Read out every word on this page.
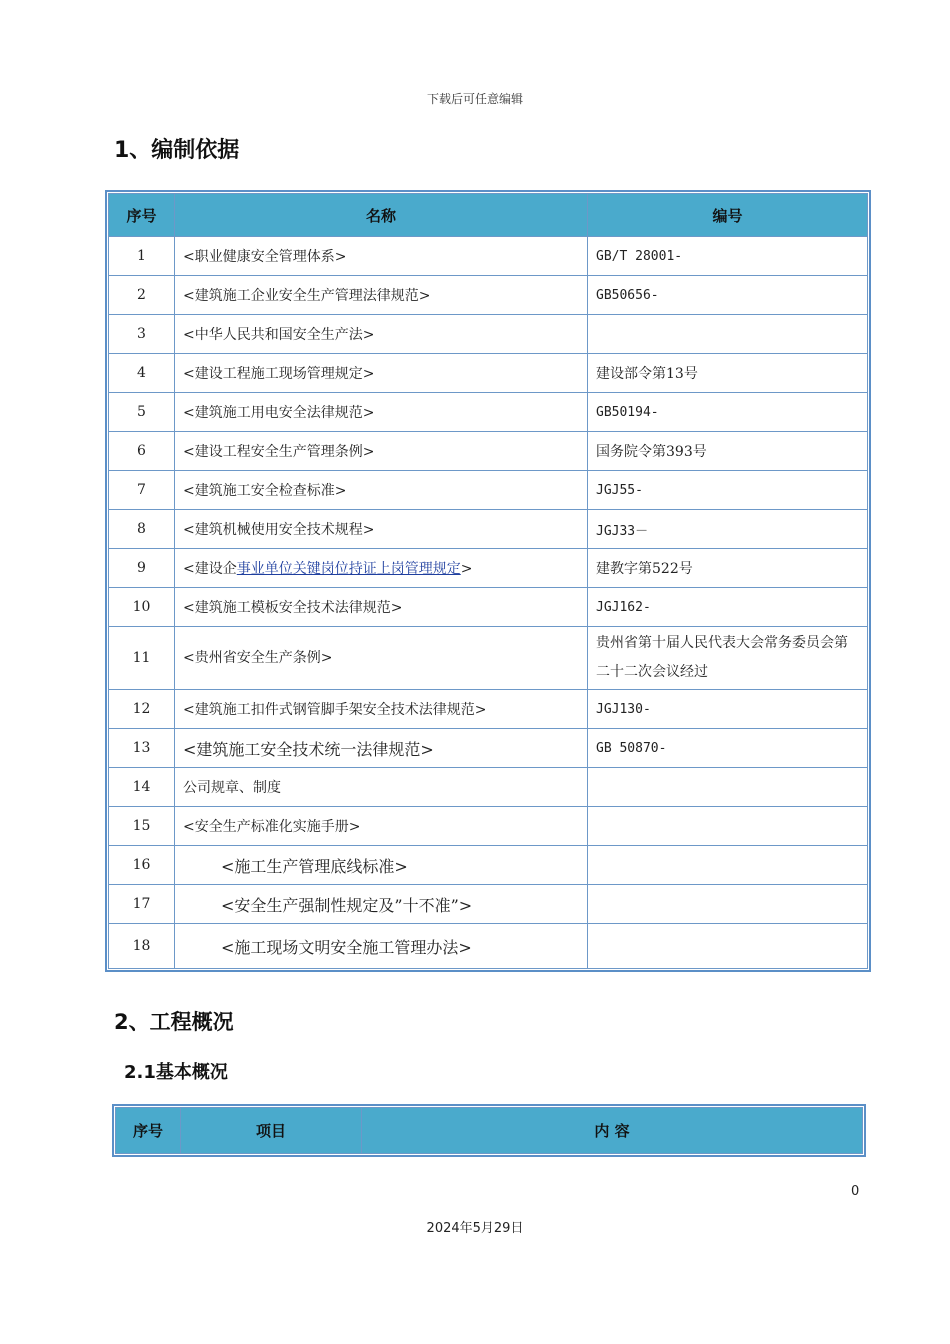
下载后可任意编辑
1、编制依据
序号	名称	编号
1	<职业健康安全管理体系>	GB/T 28001-
2	<建筑施工企业安全生产管理法律规范>	GB50656-
3	<中华人民共和国安全生产法>	
4	<建设工程施工现场管理规定>	建设部令第13号
5	<建筑施工用电安全法律规范>	GB50194-
6	<建设工程安全生产管理条例>	国务院令第393号
7	<建筑施工安全检查标准>	JGJ55-
8	<建筑机械使用安全技术规程>	JGJ33－
9	<建设企事业单位关键岗位持证上岗管理规定>	建教字第522号
10	<建筑施工模板安全技术法律规范>	JGJ162-
11	<贵州省安全生产条例>	贵州省第十届人民代表大会常务委员会第二十二次会议经过
12	<建筑施工扣件式钢管脚手架安全技术法律规范>	JGJ130-
13	<建筑施工安全技术统一法律规范>	GB 50870-
14	公司规章、制度	
15	<安全生产标准化实施手册>	
16	<施工生产管理底线标准>	
17	<安全生产强制性规定及”十不准”>	
18	<施工现场文明安全施工管理办法>	
2、工程概况
2.1基本概况
序号	项目	内 容
0
2024年5月29日
